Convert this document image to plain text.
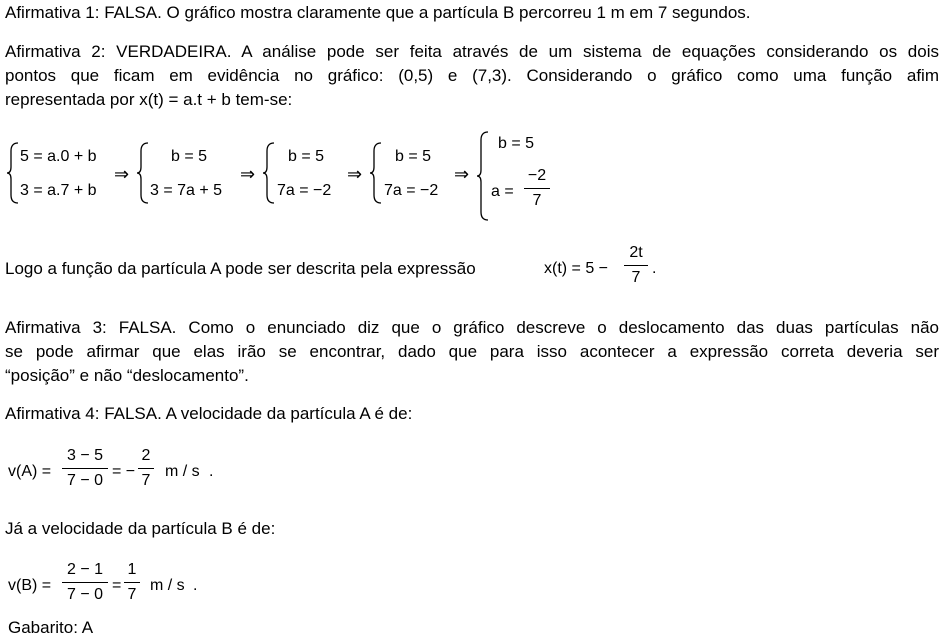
Afirmativa 1: FALSA. O gráfico mostra claramente que a partícula B percorreu 1 m em 7 segundos.
Afirmativa 2: VERDADEIRA. A análise pode ser feita através de um sistema de equações considerando os dois
pontos que ficam em evidência no gráfico: (0,5) e (7,3). Considerando o gráfico como uma função afim
representada por x(t) = a.t + b tem-se:
5 = a.0 + b
3 = a.7 + b
⇒
b = 5
3 = 7a + 5
⇒
b = 5
7a = −2
⇒
b = 5
7a = −2
⇒
b = 5
a =
−2
7
Logo a função da partícula A pode ser descrita pela expressão	x(t) = 5 −
2t
7
.
Afirmativa 3: FALSA. Como o enunciado diz que o gráfico descreve o deslocamento das duas partículas não
se pode afirmar que elas irão se encontrar, dado que para isso acontecer a expressão correta deveria ser
“posição” e não “deslocamento”.
Afirmativa 4: FALSA. A velocidade da partícula A é de:
v(A) =
3 − 5
7 − 0
= −
2
7
m / s .
Já a velocidade da partícula B é de:
v(B) =
2 − 1
7 − 0
=
1
7
m / s .
Gabarito: A
